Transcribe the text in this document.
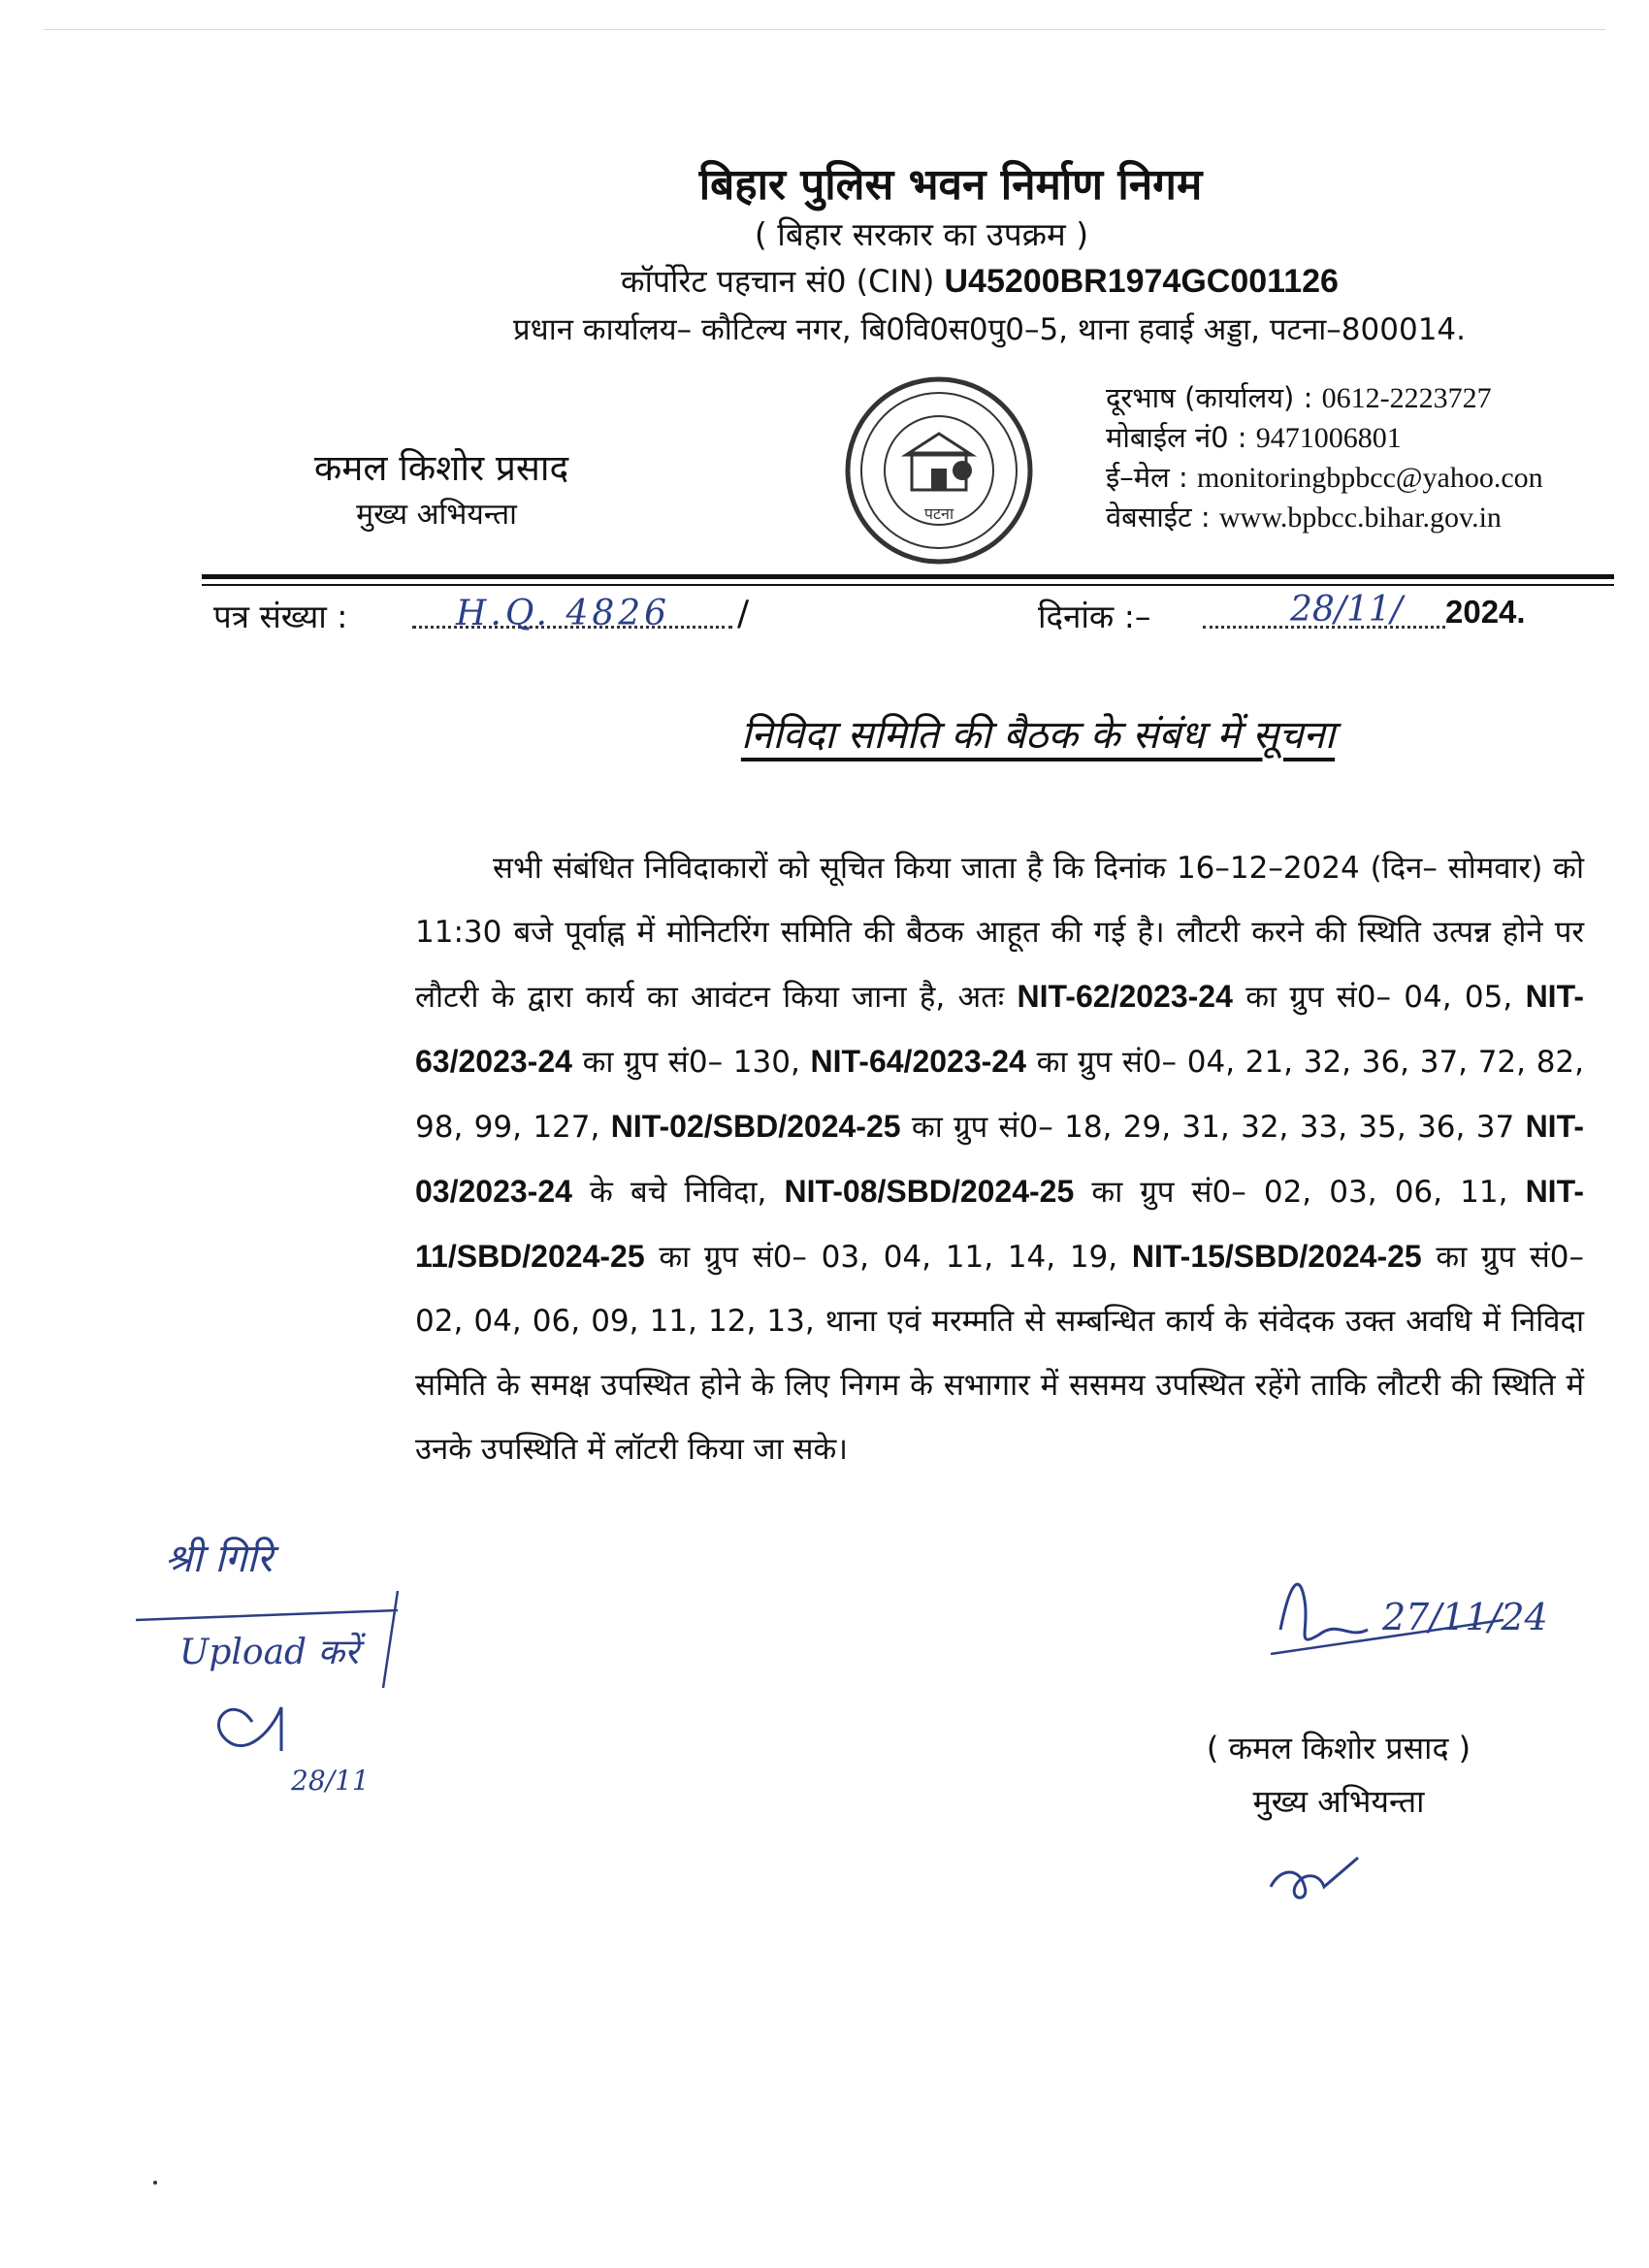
बिहार पुलिस भवन निर्माण निगम
( बिहार सरकार का उपक्रम )
कॉर्पोरेट पहचान सं0 (CIN) U45200BR1974GC001126
प्रधान कार्यालय– कौटिल्य नगर, बि0वि0स0पु0–5, थाना हवाई अड्डा, पटना–800014.
कमल किशोर प्रसाद
मुख्य अभियन्ता	पटना
दूरभाष (कार्यालय) : 0612-2223727
मोबाईल नं0 : 9471006801
ई–मेल : monitoringbpbcc@yahoo.con
वेबसाईट : www.bpbcc.bihar.gov.in
पत्र संख्या :	H.Q. 4826 /	दिनांक :–	28/11/ 2024.
निविदा समिति की बैठक के संबंध में सूचना
सभी संबंधित निविदाकारों को सूचित किया जाता है कि दिनांक 16–12–2024 (दिन– सोमवार) को 11:30 बजे पूर्वाह्न में मोनिटरिंग समिति की बैठक आहूत की गई है। लौटरी करने की स्थिति उत्पन्न होने पर लौटरी के द्वारा कार्य का आवंटन किया जाना है, अतः NIT-62/2023-24 का ग्रुप सं0– 04, 05, NIT-63/2023-24 का ग्रुप सं0– 130, NIT-64/2023-24 का ग्रुप सं0– 04, 21, 32, 36, 37, 72, 82, 98, 99, 127, NIT-02/SBD/2024-25 का ग्रुप सं0– 18, 29, 31, 32, 33, 35, 36, 37 NIT-03/2023-24 के बचे निविदा, NIT-08/SBD/2024-25 का ग्रुप सं0– 02, 03, 06, 11, NIT-11/SBD/2024-25 का ग्रुप सं0– 03, 04, 11, 14, 19, NIT-15/SBD/2024-25 का ग्रुप सं0– 02, 04, 06, 09, 11, 12, 13, थाना एवं मरम्मति से सम्बन्धित कार्य के संवेदक उक्त अवधि में निविदा समिति के समक्ष उपस्थित होने के लिए निगम के सभागार में ससमय उपस्थित रहेंगे ताकि लौटरी की स्थिति में उनके उपस्थिति में लॉटरी किया जा सके।
27/11/24
( कमल किशोर प्रसाद )
मुख्य अभियन्ता
श्री गिरि
Upload करें
28/11
